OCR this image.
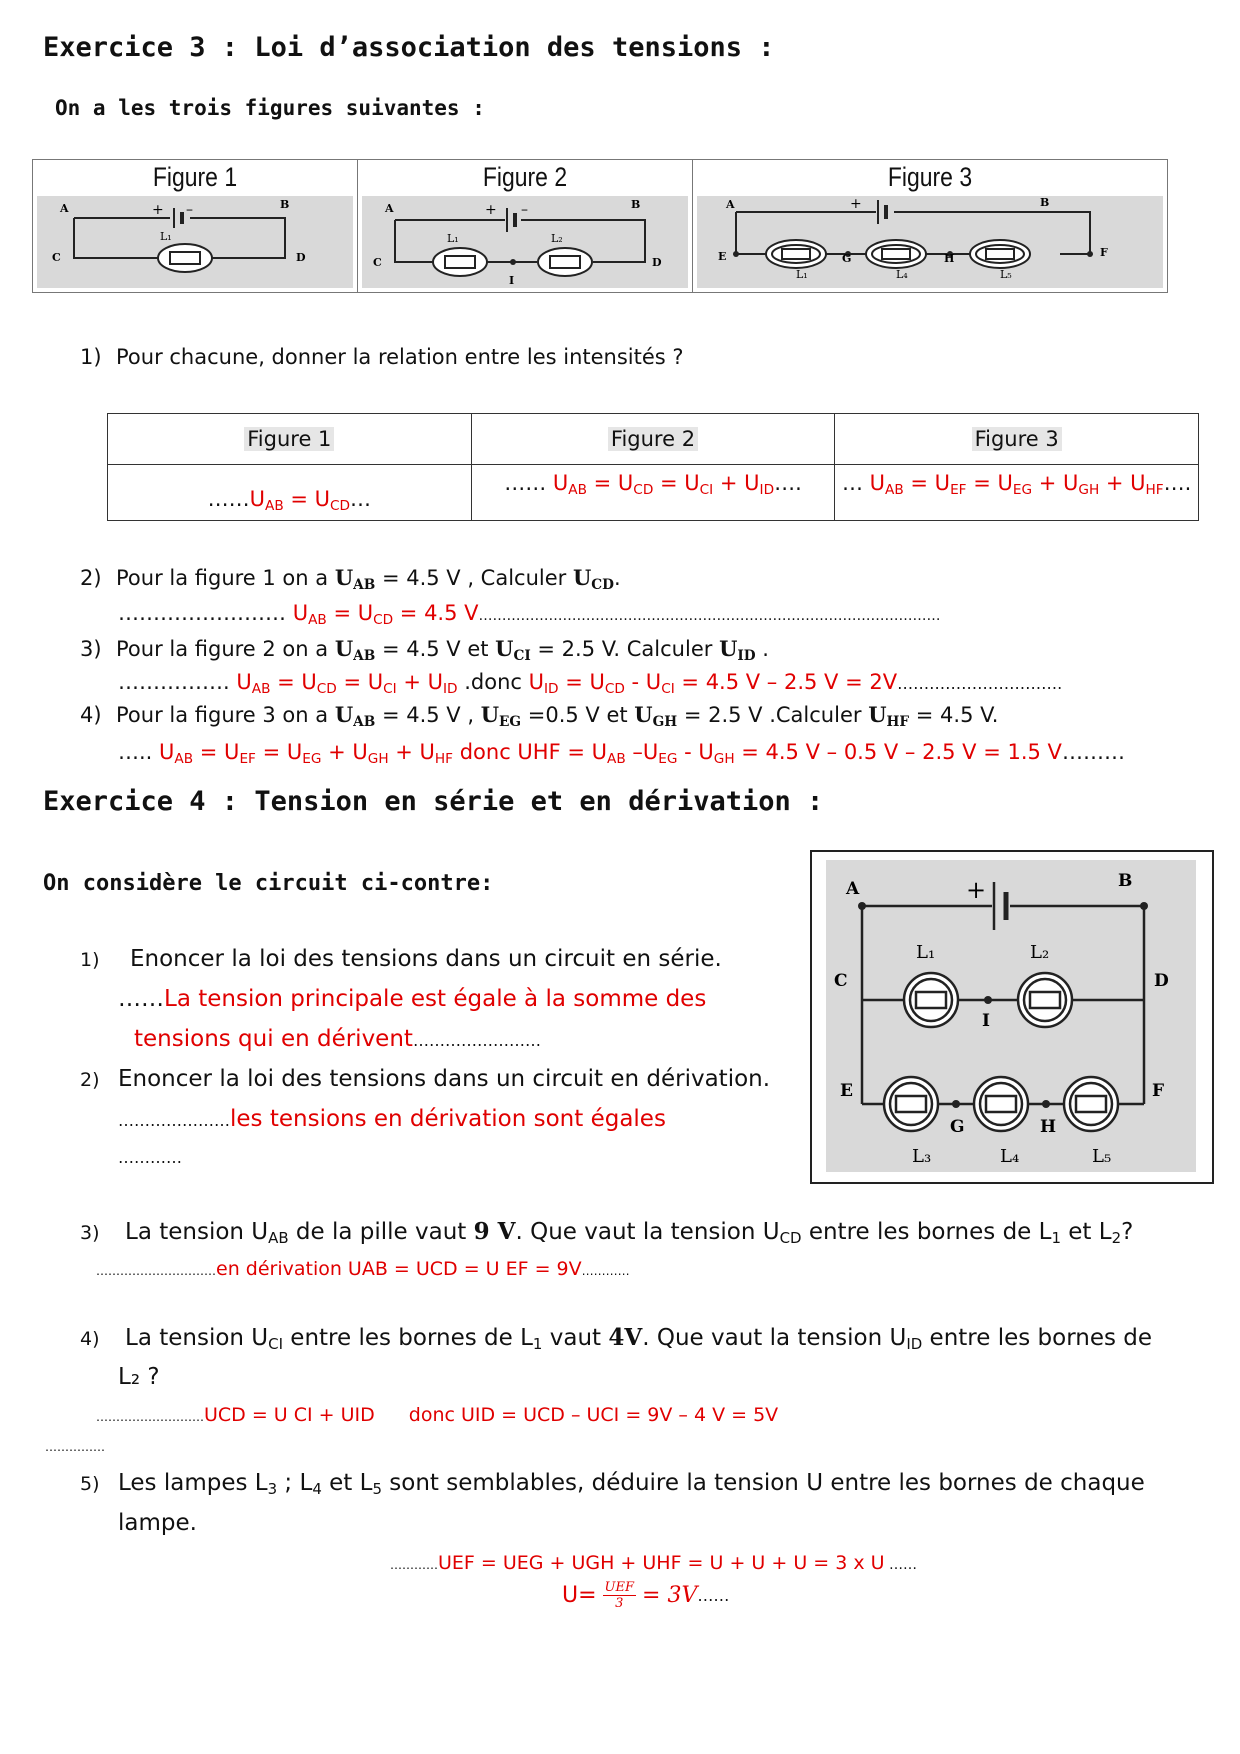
Exercice 3 : Loi d’association des tensions :
On a les trois figures suivantes :
Figure 1
A	B
C	D
L₁
+ –

Figure 2
A	B
C	D
I
L₁	L₂
+ –

Figure 3
A	B
E	F
G	H
L₁	L₄	L₅
+
1) Pour chacune, donner la relation entre les intensités ?
Figure 1	Figure 2	Figure 3
$\dots\dots U_{AB}$ = $U_{CD}\dots$	…… $U_{AB} = U_{CD} = U_{CI}$ + $U_{ID}\dots$.	… $U_{AB} = U_{EF} = U_{EG} + U_{GH}$ + $U_{HF}\dots$.
2) Pour la figure 1 on a $U_{AB} = 4.5$ V , Calculer $U_{CD}$.
…………………… $U_{AB} = U_{CD} = 4.5$ V………………………………………………………………………………………
3) Pour la figure 2 on a $U_{AB} = 4.5$ V et $U_{CI} = 2.5$ V. Calculer $U_{ID}$ .
……………. $U_{AB} = U_{CD} = U_{CI} + U_{ID}$ .donc $U_{ID} = U_{CD} - U_{CI} = 4.5$ V – 2.5 V = 2V………………………….
4) Pour la figure 3 on a $U_{AB} = 4.5$ V , $U_{EG} =0.5$ V et $U_{GH} = 2.5$ V .Calculer $U_{HF} = 4.5$ V.
….. $U_{AB} = U_{EF} = U_{EG} + U_{GH} + U_{HF}$ donc UHF = $U_{AB}$ $-U_{EG} - U_{GH} = 4.5$ V – 0.5 V – 2.5 V = 1.5 V………
Exercice 4 : Tension en série et en dérivation :
On considère le circuit ci-contre:	A	B
C	D
E	F
G	H
I
L₁	L₂
L₃	L₄	L₅
+
1) Enoncer la loi des tensions dans un circuit en série.
……La tension principale est égale à la somme des
tensions qui en dérivent……………………
2) Enoncer la loi des tensions dans un circuit en dérivation.
…………………les tensions en dérivation sont égales
…………
3) La tension $U_{AB}$ de la pille vaut 9 V. Que vaut la tension $U_{CD}$ entre les bornes de $L_1$ et $L_2$?
…………………………en dérivation UAB = UCD = U EF = 9V…………
4) La tension $U_{CI}$ entre les bornes de $L_1$ vaut 4V. Que vaut la tension $U_{ID}$ entre les bornes de
L₂ ?
………………………UCD = U CI + UID donc UID = UCD – UCI = 9V – 4 V = 5V
……………
5) Les lampes $L_3$ ; $L_4$ et $L_5$ sont semblables, déduire la tension U entre les bornes de chaque
lampe.
…………UEF = UEG + UGH + UHF = U + U + U = 3 x U ……
U= UEF
3 = 3V ……
